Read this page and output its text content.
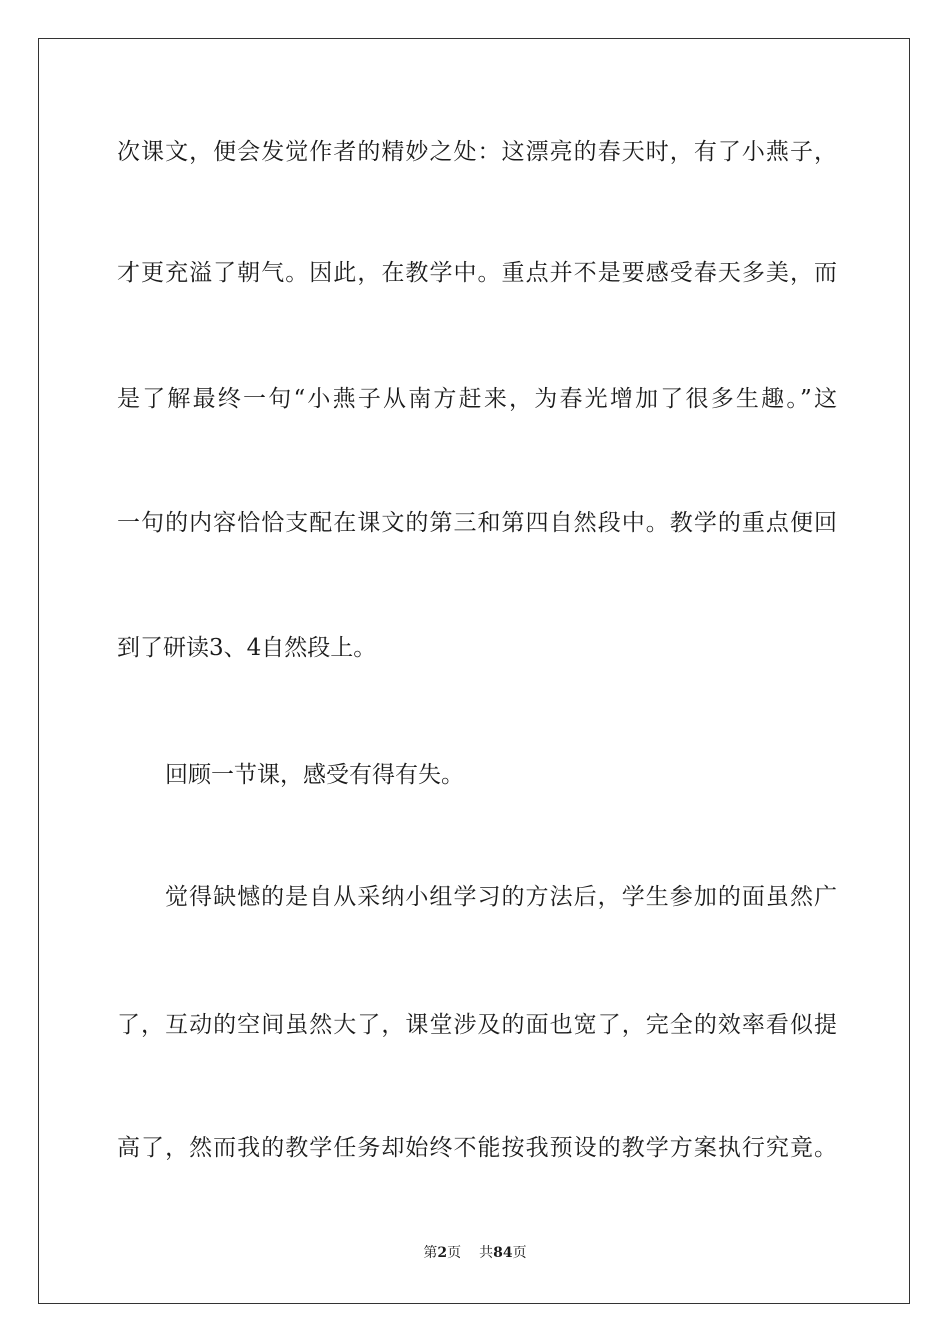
次课文，便会发觉作者的精妙之处：这漂亮的春天时，有了小燕子，

才更充溢了朝气。因此，在教学中。重点并不是要感受春天多美，而

是了解最终一句“小燕子从南方赶来，为春光增加了很多生趣。”这

一句的内容恰恰支配在课文的第三和第四自然段中。教学的重点便回

到了研读3、4自然段上。

回顾一节课，感受有得有失。

觉得缺憾的是自从采纳小组学习的方法后，学生参加的面虽然广

了，互动的空间虽然大了，课堂涉及的面也宽了，完全的效率看似提

高了，然而我的教学任务却始终不能按我预设的教学方案执行究竟。

第2页 共84页
